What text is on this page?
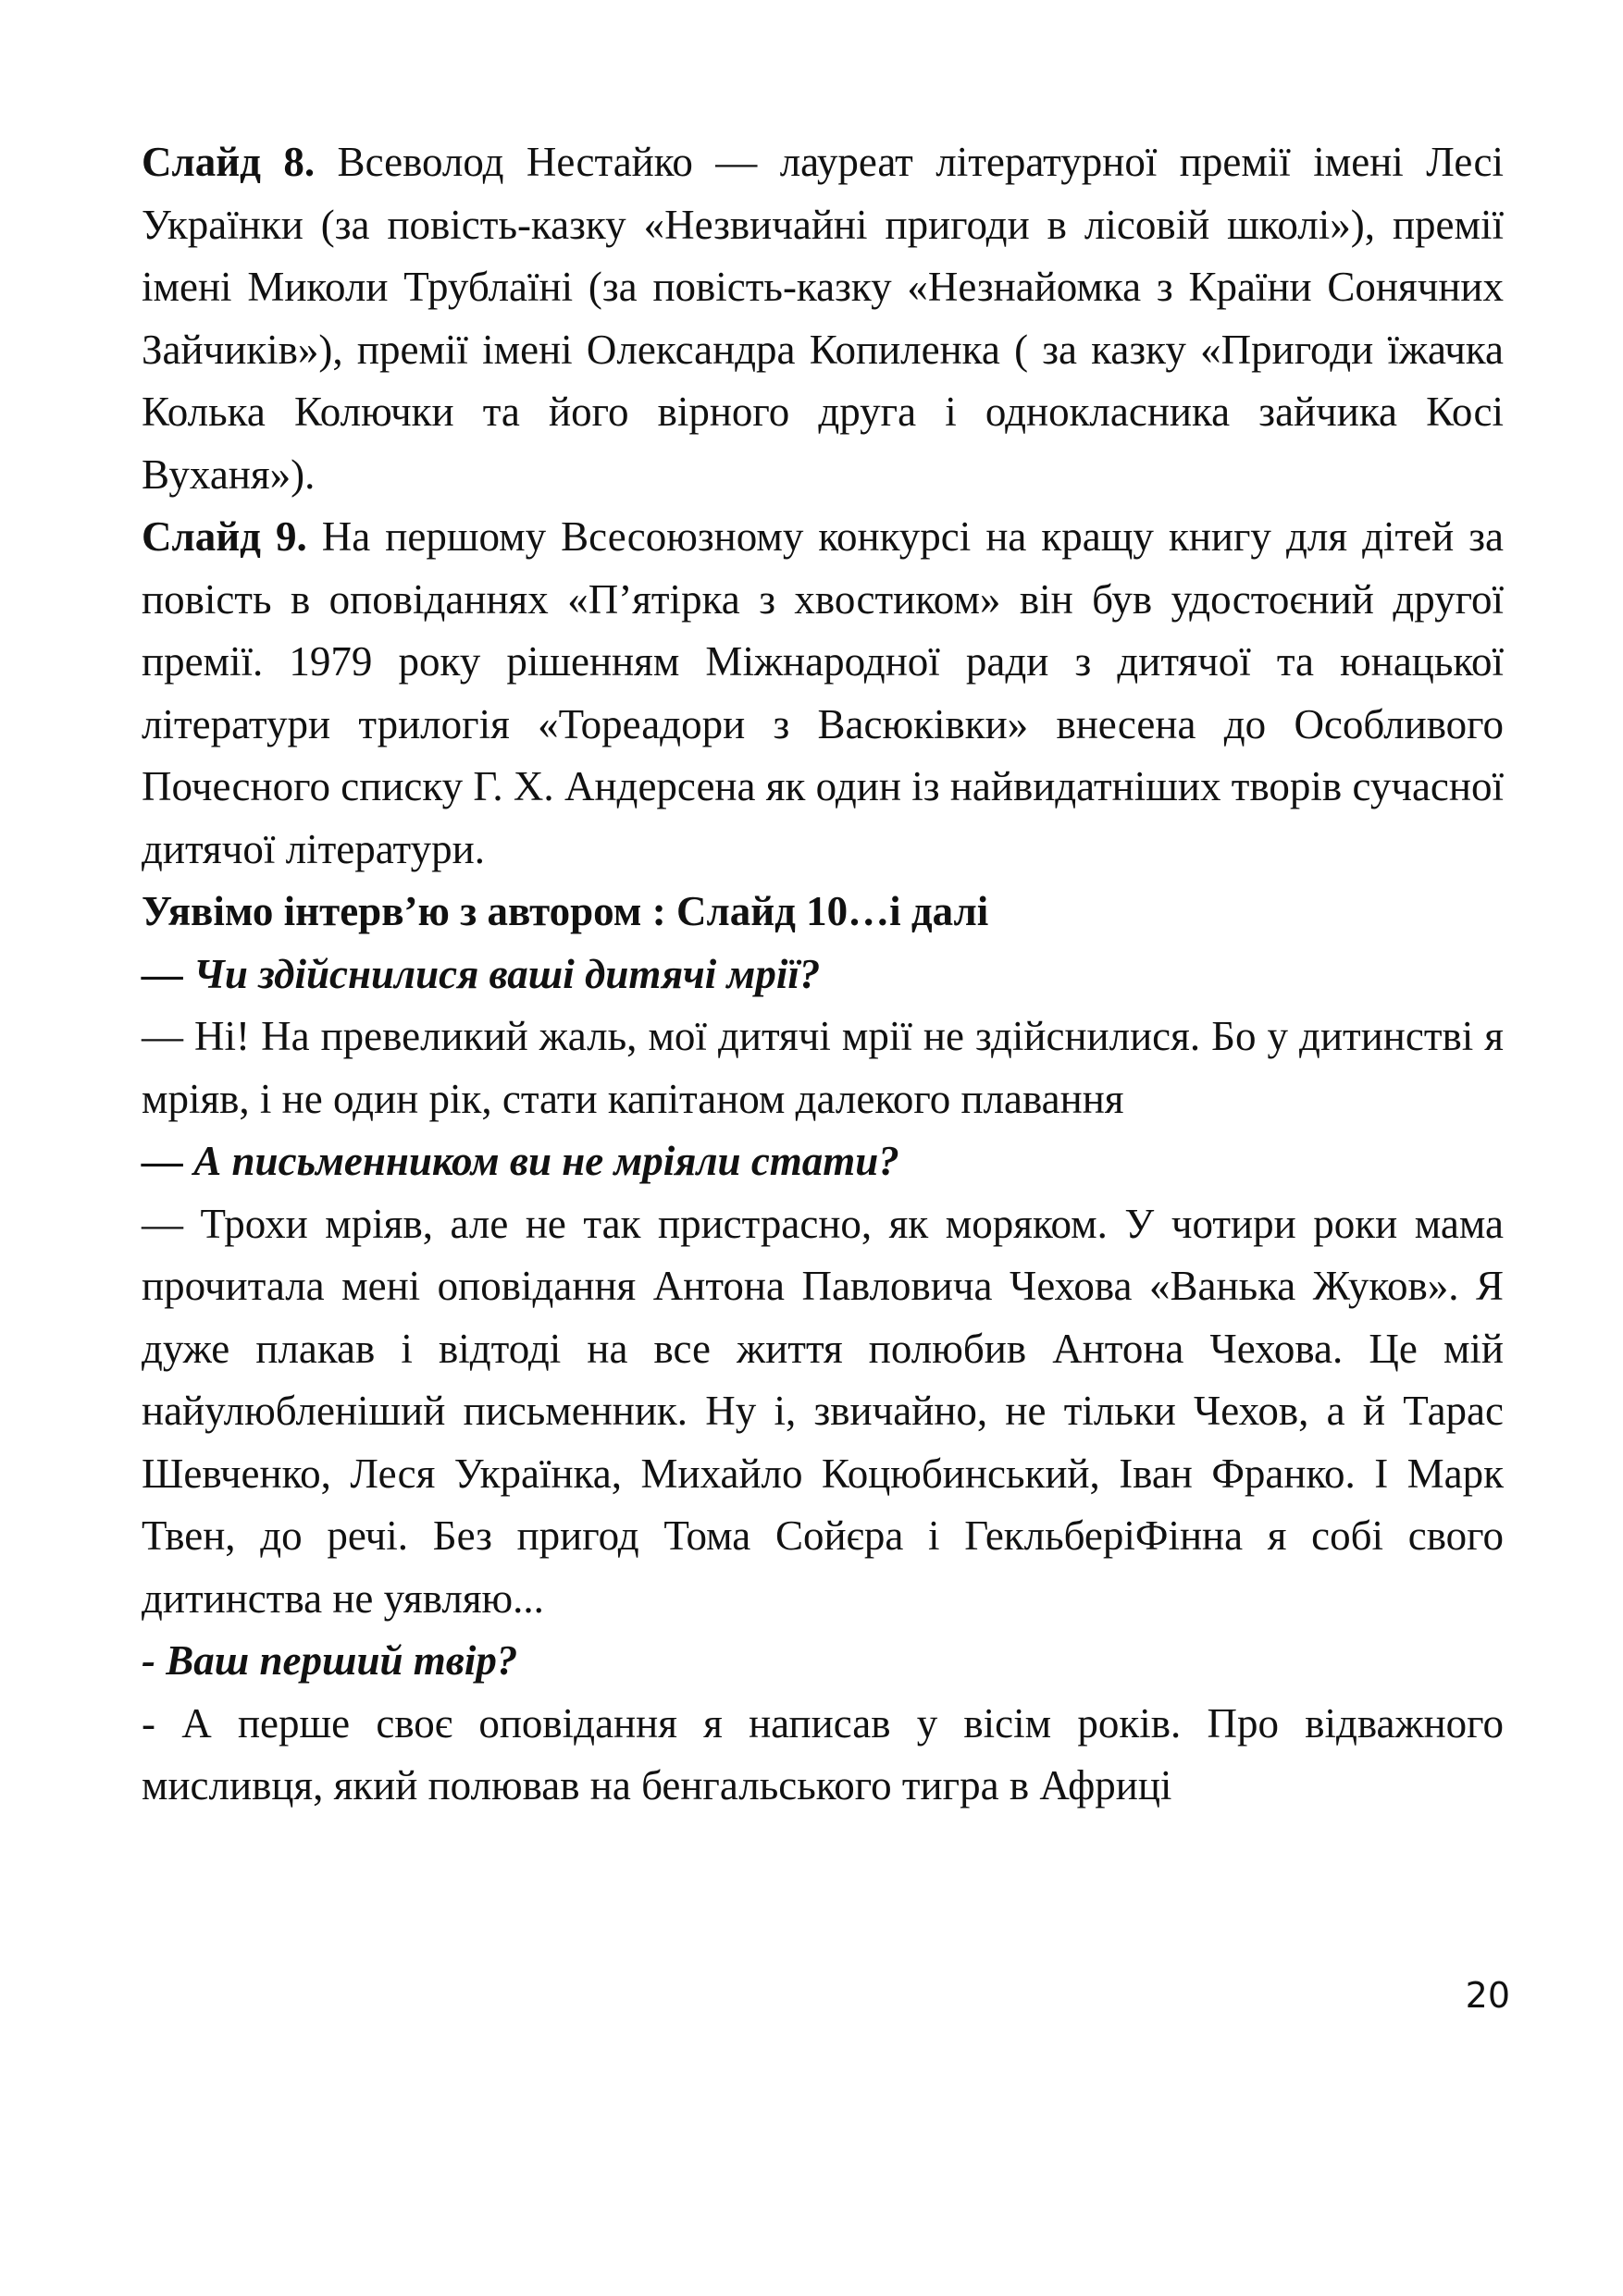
Слайд 8. Всеволод Нестайко — лауреат літературної премії імені Лесі Українки (за повість-казку «Незвичайні пригоди в лісовій школі»), премії імені Миколи Трублаїні (за повість-казку «Незнайомка з Країни Сонячних Зайчиків»), премії імені Олександра Копиленка ( за казку «Пригоди їжачка Колька Колючки та його вірного друга і однокласника зайчика Косі Вуханя»).

Слайд 9. На першому Всесоюзному конкурсі на кращу книгу для дітей за повість в оповіданнях «П’ятірка з хвостиком» він був удостоєний другої премії. 1979 року рішенням Міжнародної ради з дитячої та юнацької літератури трилогія «Тореадори з Васюківки» внесена до Особливого Почесного списку Г. Х. Андерсена як один із найвидатніших творів сучасної дитячої літератури.

Уявімо інтерв’ю з автором : Слайд 10…і далі

— Чи здійснилися ваші дитячі мрії?

— Ні! На превеликий жаль, мої дитячі мрії не здійснилися. Бо у дитинстві я мріяв, і не один рік, стати капітаном далекого плавання

— А письменником ви не мріяли стати?

— Трохи мріяв, але не так пристрасно, як моряком. У чотири роки мама прочитала мені оповідання Антона Павловича Чехова «Ванька Жуков». Я дуже плакав і відтоді на все життя полюбив Антона Чехова. Це мій найулюбленіший письменник. Ну і, звичайно, не тільки Чехов, а й Тарас Шевченко, Леся Українка, Михайло Коцюбинський, Іван Франко. І Марк Твен, до речі. Без пригод Тома Сойєра і ГекльберіФінна я собі свого дитинства не уявляю...

- Ваш перший твір?

- А перше своє оповідання я написав у вісім років. Про відважного мисливця, який полював на бенгальського тигра в Африці

20
